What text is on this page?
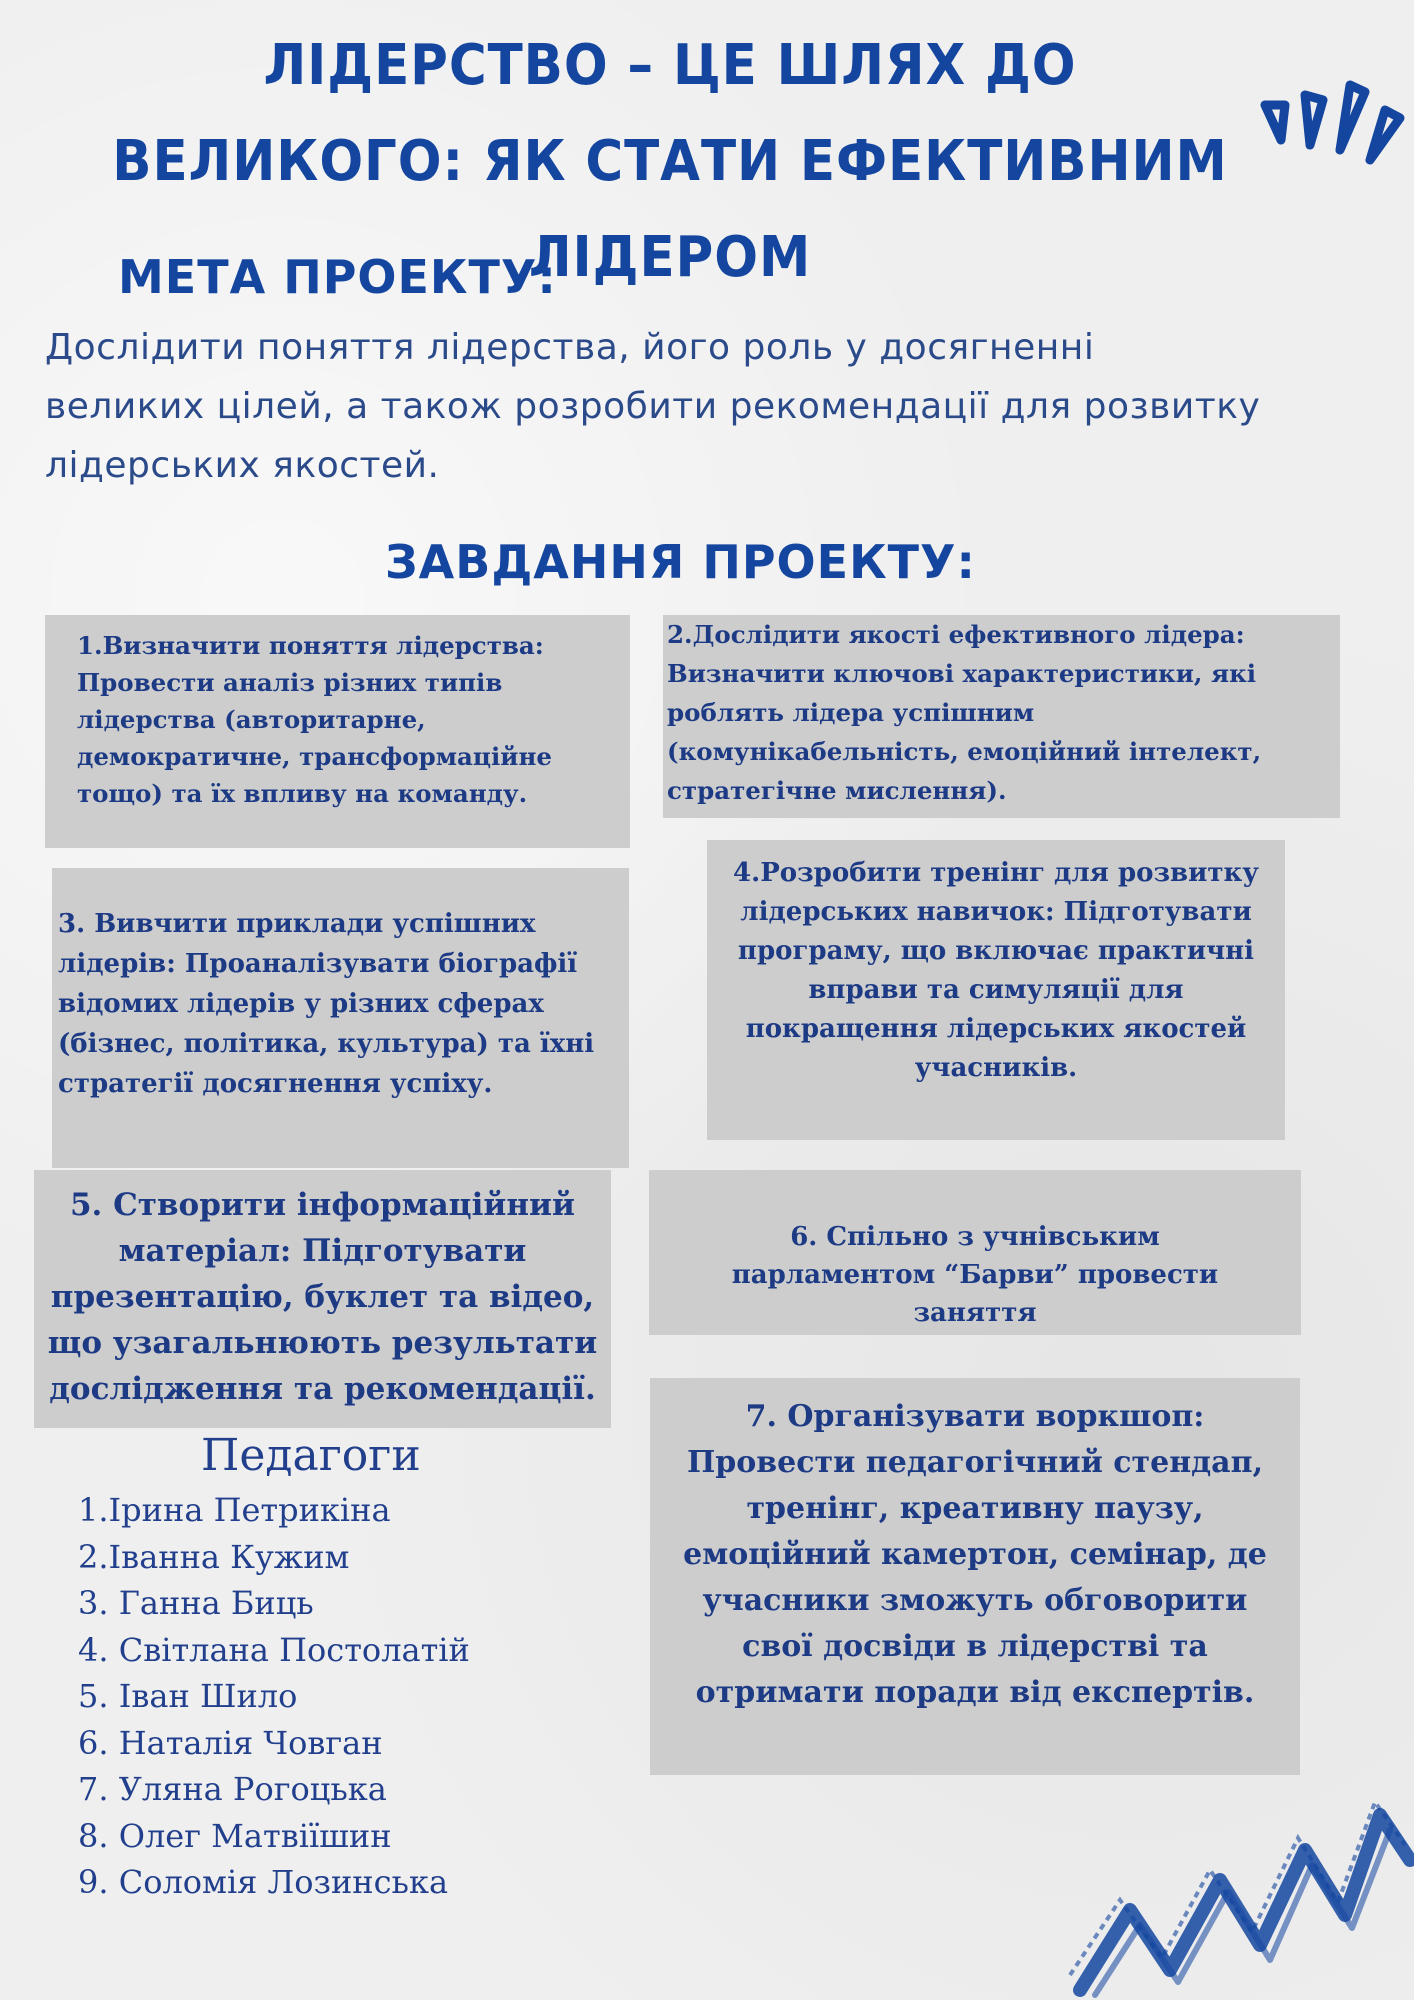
ЛІДЕРСТВО – ЦЕ ШЛЯХ ДО ВЕЛИКОГО: ЯК СТАТИ ЕФЕКТИВНИМ ЛІДЕРОМ
МЕТА ПРОЕКТУ:
Дослідити поняття лідерства, його роль у досягненні великих цілей, а також розробити рекомендації для розвитку лідерських якостей.
ЗАВДАННЯ ПРОЕКТУ:
1.Визначити поняття лідерства: Провести аналіз різних типів лідерства (авторитарне, демократичне, трансформаційне тощо) та їх впливу на команду.
2.Дослідити якості ефективного лідера: Визначити ключові характеристики, які роблять лідера успішним (комунікабельність, емоційний інтелект, стратегічне мислення).
3. Вивчити приклади успішних лідерів: Проаналізувати біографії відомих лідерів у різних сферах (бізнес, політика, культура) та їхні стратегії досягнення успіху.
4.Розробити тренінг для розвитку лідерських навичок: Підготувати програму, що включає практичні вправи та симуляції для покращення лідерських якостей учасників.
5. Створити інформаційний матеріал: Підготувати презентацію, буклет та відео, що узагальнюють результати дослідження та рекомендації.
6. Спільно з учнівським парламентом “Барви” провести заняття
7. Організувати воркшоп: Провести педагогічний стендап, тренінг, креативну паузу, емоційний камертон, семінар, де учасники зможуть обговорити свої досвіди в лідерстві та отримати поради від експертів.
Педагоги
1.Ірина Петрикіна
2.Іванна Кужим
3. Ганна Биць
4. Світлана Постолатій
5. Іван Шило
6. Наталія Човган
7. Уляна Рогоцька
8. Олег Матвіїшин
9. Соломія Лозинська
